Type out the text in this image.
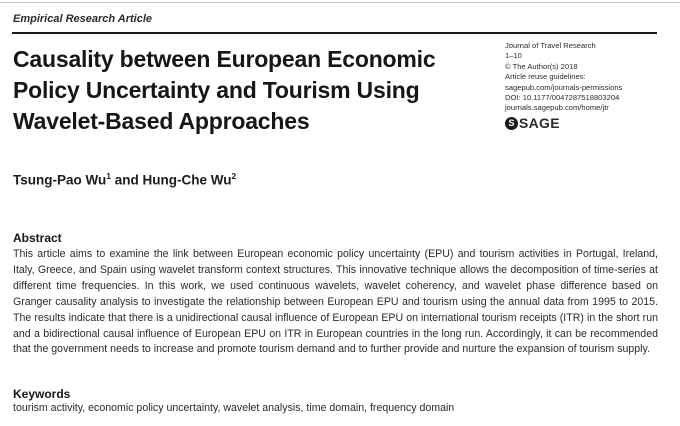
Empirical Research Article
Causality between European Economic Policy Uncertainty and Tourism Using Wavelet-Based Approaches
Journal of Travel Research
1–10
© The Author(s) 2018
Article reuse guidelines:
sagepub.com/journals-permissions
DOI: 10.1177/0047287518803204
journals.sagepub.com/home/jtr
S SAGE
Tsung-Pao Wu$^1$ and Hung-Che Wu$^2$
Abstract
This article aims to examine the link between European economic policy uncertainty (EPU) and tourism activities in Portugal, Ireland, Italy, Greece, and Spain using wavelet transform context structures. This innovative technique allows the decomposition of time-series at different time frequencies. In this work, we used continuous wavelets, wavelet coherency, and wavelet phase difference based on Granger causality analysis to investigate the relationship between European EPU and tourism using the annual data from 1995 to 2015. The results indicate that there is a unidirectional causal influence of European EPU on international tourism receipts (ITR) in the short run and a bidirectional causal influence of European EPU on ITR in European countries in the long run. Accordingly, it can be recommended that the government needs to increase and promote tourism demand and to further provide and nurture the expansion of tourism supply.
Keywords
tourism activity, economic policy uncertainty, wavelet analysis, time domain, frequency domain
